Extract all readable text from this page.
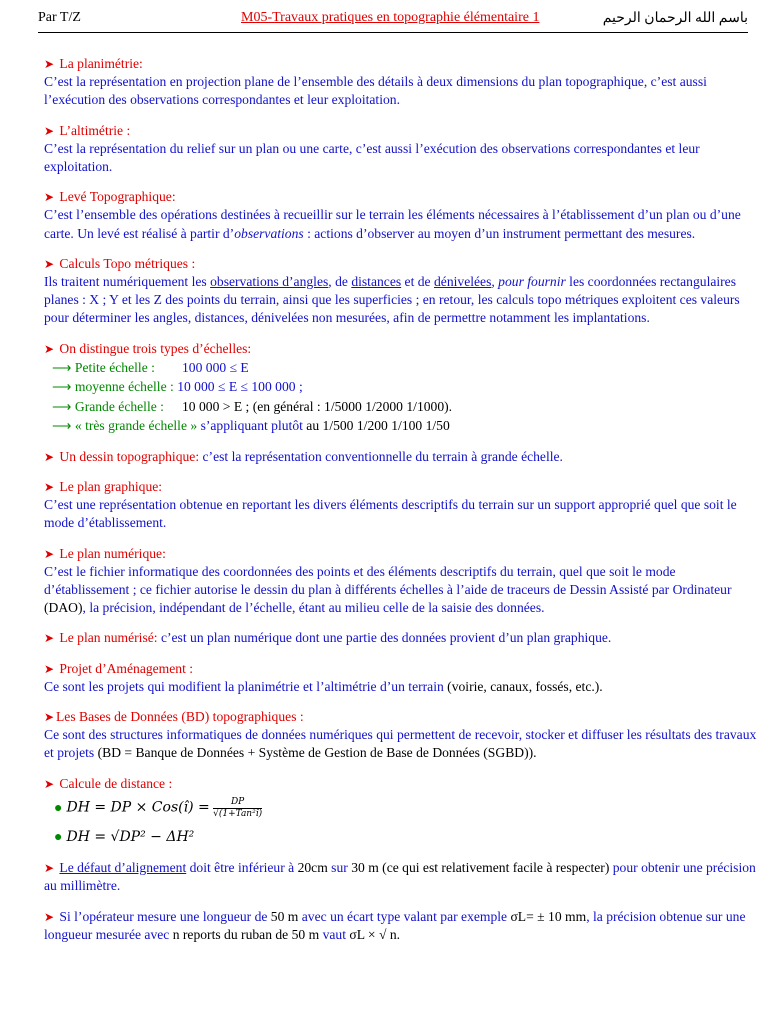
Par T/Z	M05-Travaux pratiques en topographie élémentaire 1	باسم الله الرحمان الرحيم
➤ La planimétrie:
C’est la représentation en projection plane de l’ensemble des détails à deux dimensions du plan topographique, c’est aussi l’exécution des observations correspondantes et leur exploitation.
➤ L’altimétrie :
C’est la représentation du relief sur un plan ou une carte, c’est aussi l’exécution des observations correspondantes et leur exploitation.
➤ Levé Topographique:
C’est l’ensemble des opérations destinées à recueillir sur le terrain les éléments nécessaires à l’établissement d’un plan ou d’une carte. Un levé est réalisé à partir d’observations : actions d’observer au moyen d’un instrument permettant des mesures.
➤ Calculs Topo métriques :
Ils traitent numériquement les observations d’angles, de distances et de dénivelées, pour fournir les coordonnées rectangulaires planes : X ; Y et les Z des points du terrain, ainsi que les superficies ; en retour, les calculs topo métriques exploitent ces valeurs pour déterminer les angles, distances, dénivelées non mesurées, afin de permettre notamment les implantations.
➤ On distingue trois types d’échelles:
⟶ Petite échelle : 100 000 ≤ E
⟶ moyenne échelle : 10 000 ≤ E ≤ 100 000 ;
⟶ Grande échelle : 10 000 > E ; (en général : 1/5000 1/2000 1/1000).
⟶ « très grande échelle » s’appliquant plutôt au 1/500 1/200 1/100 1/50
➤ Un dessin topographique: c’est la représentation conventionnelle du terrain à grande échelle.
➤ Le plan graphique:
C’est une représentation obtenue en reportant les divers éléments descriptifs du terrain sur un support approprié quel que soit le mode d’établissement.
➤ Le plan numérique:
C’est le fichier informatique des coordonnées des points et des éléments descriptifs du terrain, quel que soit le mode d’établissement ; ce fichier autorise le dessin du plan à différents échelles à l’aide de traceurs de Dessin Assisté par Ordinateur (DAO), la précision, indépendant de l’échelle, étant au milieu celle de la saisie des données.
➤ Le plan numérisé: c’est un plan numérique dont une partie des données provient d’un plan graphique.
➤ Projet d’Aménagement :
Ce sont les projets qui modifient la planimétrie et l’altimétrie d’un terrain (voirie, canaux, fossés, etc.).
➤ Les Bases de Données (BD) topographiques :
Ce sont des structures informatiques de données numériques qui permettent de recevoir, stocker et diffuser les résultats des travaux et projets (BD = Banque de Données + Système de Gestion de Base de Données (SGBD)).
➤ Calcule de distance :
● DH = DP × Cos(î) = $\frac{DP}{\text{√(1+Tan²î)}}$
● DH = √DP² − ΔH²
➤ Le défaut d’alignement doit être inférieur à 20cm sur 30 m (ce qui est relativement facile à respecter) pour obtenir une précision au millimètre.
➤ Si l’opérateur mesure une longueur de 50 m avec un écart type valant par exemple σL= ± 10 mm, la précision obtenue sur une longueur mesurée avec n reports du ruban de 50 m vaut σL × √ n.
